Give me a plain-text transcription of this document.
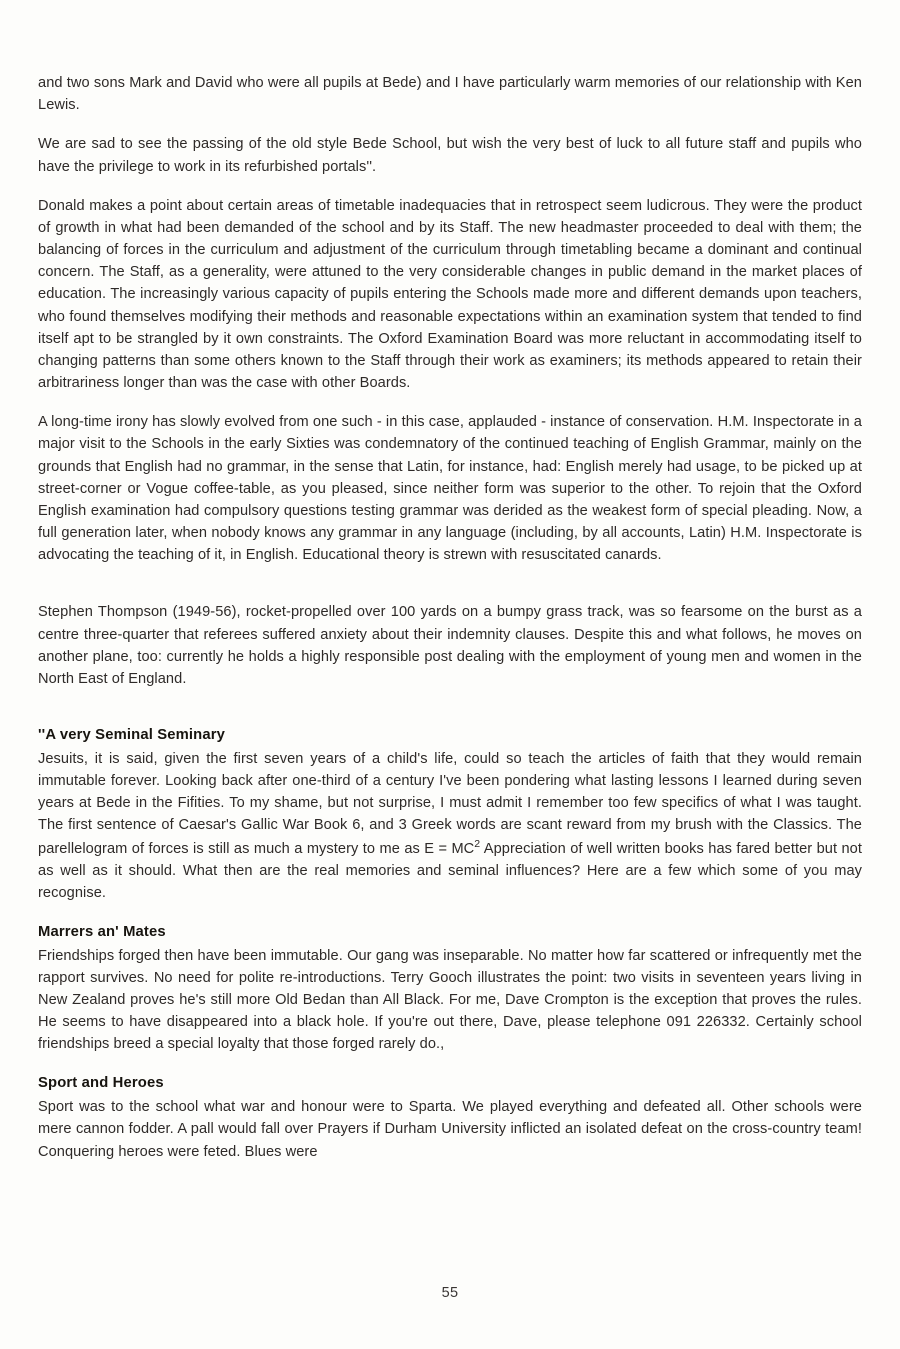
and two sons Mark and David who were all pupils at Bede) and I have particularly warm memories of our relationship with Ken Lewis.

We are sad to see the passing of the old style Bede School, but wish the very best of luck to all future staff and pupils who have the privilege to work in its refurbished portals''.

Donald makes a point about certain areas of timetable inadequacies that in retrospect seem ludicrous. They were the product of growth in what had been demanded of the school and by its Staff. The new headmaster proceeded to deal with them; the balancing of forces in the curriculum and adjustment of the curriculum through timetabling became a dominant and continual concern. The Staff, as a generality, were attuned to the very considerable changes in public demand in the market places of education. The increasingly various capacity of pupils entering the Schools made more and different demands upon teachers, who found themselves modifying their methods and reasonable expectations within an examination system that tended to find itself apt to be strangled by it own constraints. The Oxford Examination Board was more reluctant in accommodating itself to changing patterns than some others known to the Staff through their work as examiners; its methods appeared to retain their arbitrariness longer than was the case with other Boards.

A long-time irony has slowly evolved from one such - in this case, applauded - instance of conservation. H.M. Inspectorate in a major visit to the Schools in the early Sixties was condemnatory of the continued teaching of English Grammar, mainly on the grounds that English had no grammar, in the sense that Latin, for instance, had: English merely had usage, to be picked up at street-corner or Vogue coffee-table, as you pleased, since neither form was superior to the other. To rejoin that the Oxford English examination had compulsory questions testing grammar was derided as the weakest form of special pleading. Now, a full generation later, when nobody knows any grammar in any language (including, by all accounts, Latin) H.M. Inspectorate is advocating the teaching of it, in English. Educational theory is strewn with resuscitated canards.

Stephen Thompson (1949-56), rocket-propelled over 100 yards on a bumpy grass track, was so fearsome on the burst as a centre three-quarter that referees suffered anxiety about their indemnity clauses. Despite this and what follows, he moves on another plane, too: currently he holds a highly responsible post dealing with the employment of young men and women in the North East of England.

''A very Seminal Seminary

Jesuits, it is said, given the first seven years of a child's life, could so teach the articles of faith that they would remain immutable forever. Looking back after one-third of a century I've been pondering what lasting lessons I learned during seven years at Bede in the Fifities. To my shame, but not surprise, I must admit I remember too few specifics of what I was taught. The first sentence of Caesar's Gallic War Book 6, and 3 Greek words are scant reward from my brush with the Classics. The parellelogram of forces is still as much a mystery to me as $E = MC^2$ Appreciation of well written books has fared better but not as well as it should. What then are the real memories and seminal influences? Here are a few which some of you may recognise.

Marrers an' Mates

Friendships forged then have been immutable. Our gang was inseparable. No matter how far scattered or infrequently met the rapport survives. No need for polite re-introductions. Terry Gooch illustrates the point: two visits in seventeen years living in New Zealand proves he's still more Old Bedan than All Black. For me, Dave Crompton is the exception that proves the rules. He seems to have disappeared into a black hole. If you're out there, Dave, please telephone 091 226332. Certainly school friendships breed a special loyalty that those forged rarely do.,

Sport and Heroes

Sport was to the school what war and honour were to Sparta. We played everything and defeated all. Other schools were mere cannon fodder. A pall would fall over Prayers if Durham University inflicted an isolated defeat on the cross-country team! Conquering heroes were feted. Blues were

55
